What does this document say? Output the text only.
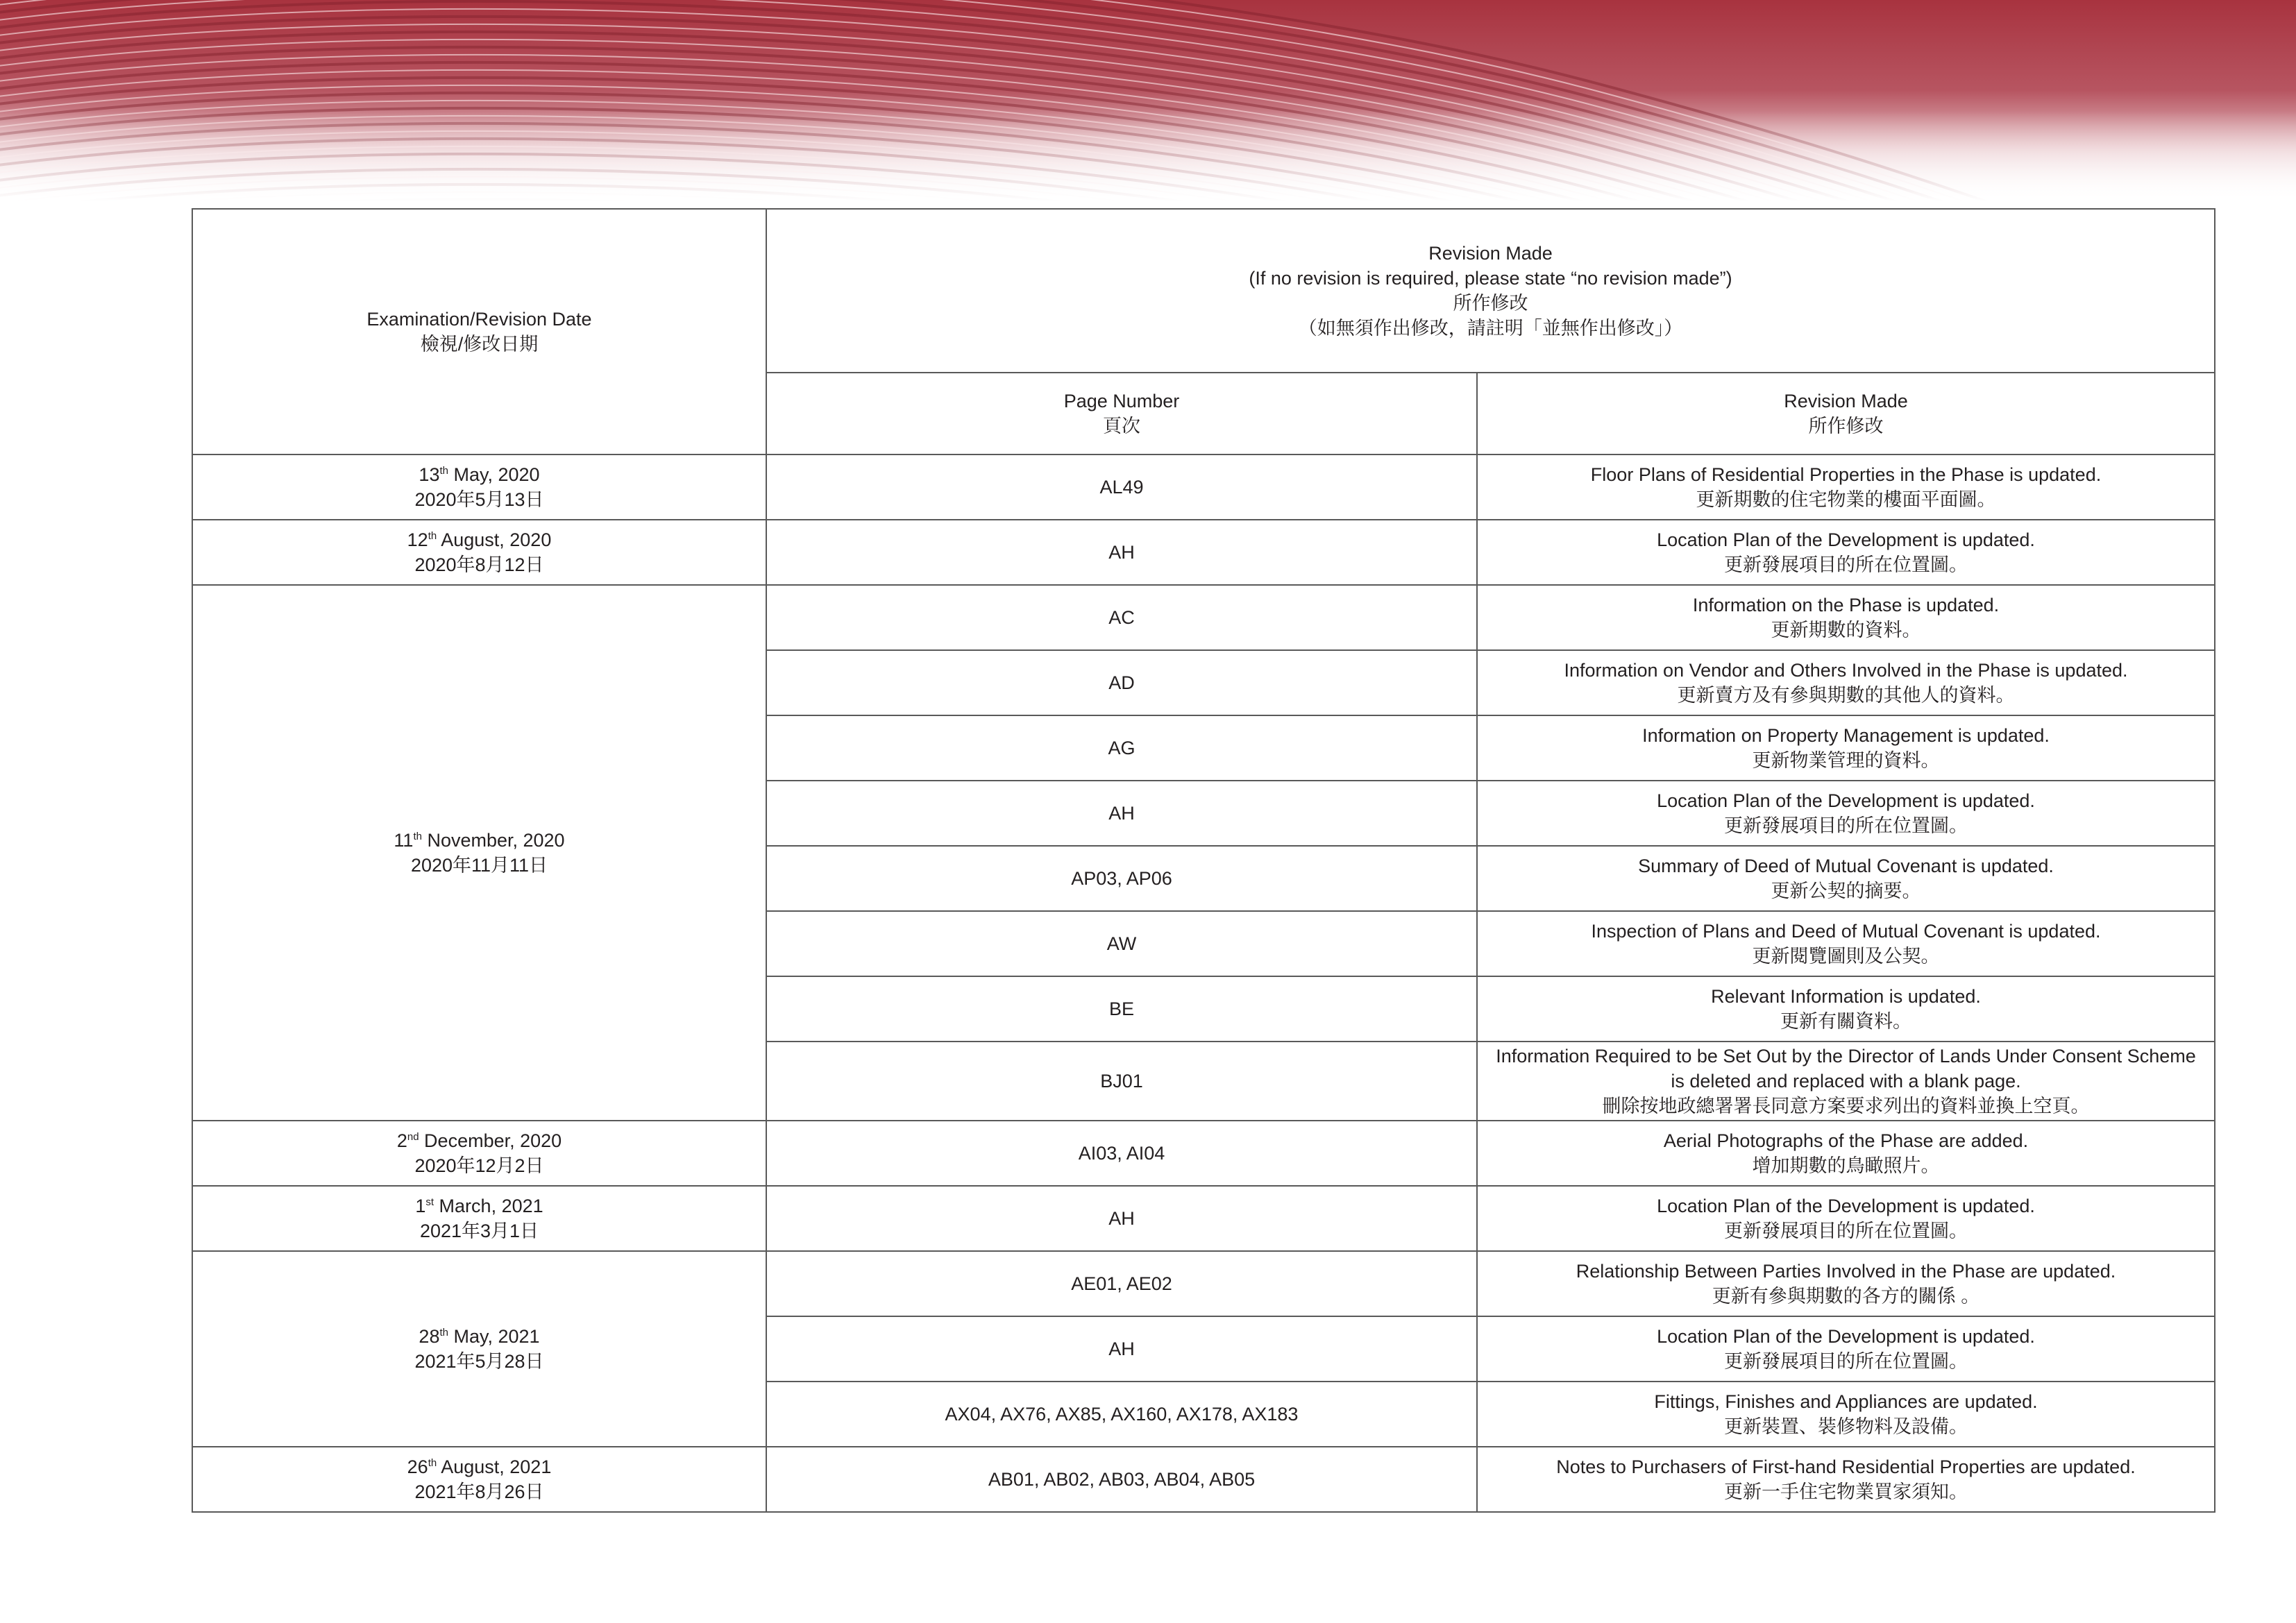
Examination/Revision Date
檢視/修改日期	Revision Made
(If no revision is required, please state “no revision made”)
所作修改
（如無須作出修改，請註明「並無作出修改」）	

	Page Number
頁次	Revision Made
所作修改

13th May, 2020
2020年5月13日	AL49	Floor Plans of Residential Properties in the Phase is updated.
更新期數的住宅物業的樓面平面圖。

12th August, 2020
2020年8月12日	AH	Location Plan of the Development is updated.
更新發展項目的所在位置圖。

11th November, 2020
2020年11月11日	AC	Information on the Phase is updated.
更新期數的資料。

	AD	Information on Vendor and Others Involved in the Phase is updated.
更新賣方及有參與期數的其他人的資料。

	AG	Information on Property Management is updated.
更新物業管理的資料。

	AH	Location Plan of the Development is updated.
更新發展項目的所在位置圖。

	AP03, AP06	Summary of Deed of Mutual Covenant is updated.
更新公契的摘要。

	AW	Inspection of Plans and Deed of Mutual Covenant is updated.
更新閱覽圖則及公契。

	BE	Relevant Information is updated.
更新有關資料。

	BJ01	Information Required to be Set Out by the Director of Lands Under Consent Scheme
is deleted and replaced with a blank page.
刪除按地政總署署長同意方案要求列出的資料並換上空頁。

2nd December, 2020
2020年12月2日	AI03, AI04	Aerial Photographs of the Phase are added.
增加期數的鳥瞰照片。

1st March, 2021
2021年3月1日	AH	Location Plan of the Development is updated.
更新發展項目的所在位置圖。

28th May, 2021
2021年5月28日	AE01, AE02	Relationship Between Parties Involved in the Phase are updated.
更新有參與期數的各方的關係 。

	AH	Location Plan of the Development is updated.
更新發展項目的所在位置圖。

	AX04, AX76, AX85, AX160, AX178, AX183	Fittings, Finishes and Appliances are updated.
更新裝置、裝修物料及設備。

26th August, 2021
2021年8月26日	AB01, AB02, AB03, AB04, AB05	Notes to Purchasers of First-hand Residential Properties are updated.
更新一手住宅物業買家須知。
